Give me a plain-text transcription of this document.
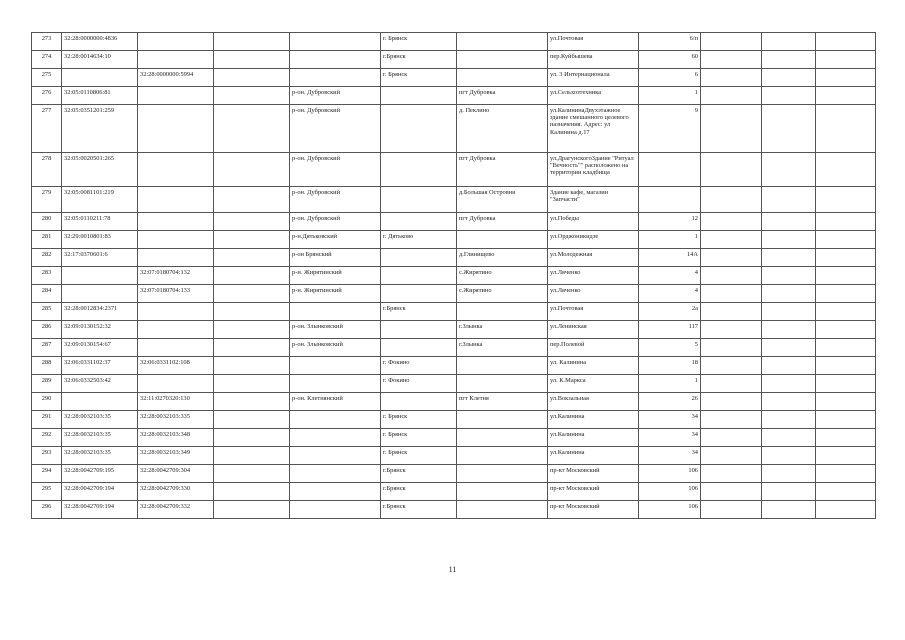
273	32:28:0000000:4836				г. Брянск		ул.Почтовая	6/п			
274	32:28:0014634:10				г.Брянск		пер.Куйбышева	60			
275		32:28:0000000:5994			г. Брянск		ул. 3 Интернационала	6			
276	32:05:0110806:81			р-он. Дубровский		пгт Дубровка	ул.Сельхозтехника	1			
277	32:05:0351201:259			р-он. Дубровский		д. Пеклино	ул.КалининаДвухэтажное здание смешанного целевого назначения. Адрес: ул Калинина д.17	9			
278	32:05:0020501:265			р-он. Дубровский		пгт Дубровка	ул.ДрагунскогоЗдание "Ритуал "Вечность"" расположено на территории кладбища				
279	32:05:0081101:219			р-он. Дубровский		д.Большая Островня	Здание кафе, магазин "Запчасти"				
280	32:05:0110211:78			р-он. Дубровский		пгт Дубровка	ул.Победы	12			
281	32:29:0010801:83			р-н.Дятьковский	г. Дятьково		ул.Орджоникидзе	1			
282	32:17:0370601:6			р-он Брянский		д.Глинищево	ул.Молодежная	14А			
283		32:07:0180704:132		р-н. Жирятинский		с.Жирятино	ул.Ляченко	4			
284		32:07:0180704:133		р-н. Жирятинский		с.Жирятино	ул.Ляченко	4			
285	32:28:0012834:2371				г.Брянск		ул.Почтовая	2а			
286	32:09:0130152:32			р-он. Злынковский		г.Злынка	ул.Ленинская	117			
287	32:09:0130154:67			р-он. Злынковский		г.Злынка	пер.Полевой	5			
288	32:06:0331102:37	32:06:0331102:108			г. Фокино		ул. Калинина	18			
289	32:06:0332503:42				г. Фокино		ул. К.Маркса	1			
290		32:11:0270320:130		р-он. Клетнянский		пгт Клетня	ул.Вокзальная	26			
291	32:28:0032103:35	32:28:0032103:335			г. Брянск		ул.Калинина	34			
292	32:28:0032103:35	32:28:0032103:348			г. Брянск		ул.Калинина	34			
293	32:28:0032103:35	32:28:0032103:349			г. Брянск		ул.Калинина	34			
294	32:28:0042709:195	32:28:0042709:304			г.Брянск		пр-кт Московский	106			
295	32:28:0042709:194	32:28:0042709:330			г.Брянск		пр-кт Московский	106			
296	32:28:0042709:194	32:28:0042709:332			г.Брянск		пр-кт Московский	106			
11
